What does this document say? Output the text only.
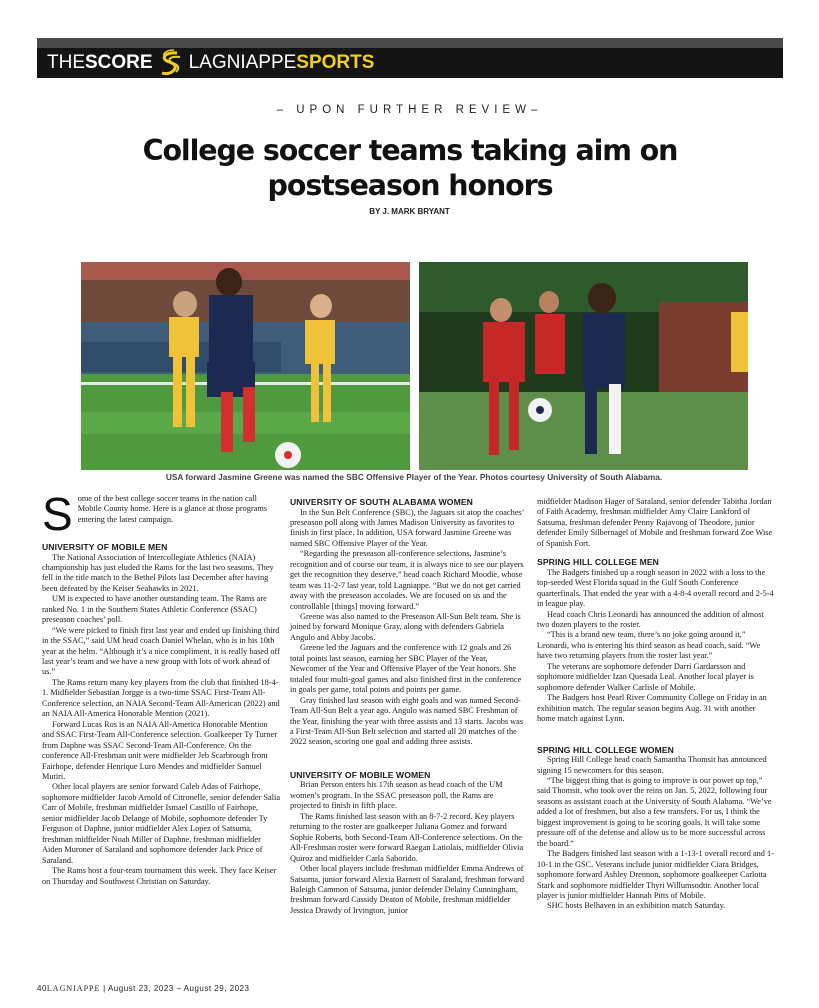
THE SCORE LAGNIAPPE SPORTS
– UPON FURTHER REVIEW–
College soccer teams taking aim on postseason honors
BY J. MARK BRYANT
USA forward Jasmine Greene was named the SBC Offensive Player of the Year. Photos courtesy University of South Alabama.

Some of the best college soccer teams in the nation call Mobile County home. Here is a glance at those programs entering the latest campaign.

UNIVERSITY OF MOBILE MEN

The National Association of Intercollegiate Athletics (NAIA) championship has just eluded the Rams for the last two seasons. They fell in the title match to the Bethel Pilots last December after having been defeated by the Keiser Seahawks in 2021.

UM is expected to have another outstanding team. The Rams are ranked No. 1 in the Southern States Athletic Conference (SSAC) preseason coaches’ poll.

“We were picked to finish first last year and ended up finishing third in the SSAC,” said UM head coach Daniel Whelan, who is in his 10th year at the helm. “Although it’s a nice compliment, it is really based off last year’s team and we have a new group with lots of work ahead of us.”

The Rams return many key players from the club that finished 18-4-1. Midfielder Sebastian Jorgge is a two-time SSAC First-Team All-Conference selection, an NAIA Second-Team All-American (2022) and an NAIA All-America Honorable Mention (2021).

Forward Lucas Ros is an NAIA All-America Honorable Mention and SSAC First-Team All-Conference selection. Goalkeeper Ty Turner from Daphne was SSAC Second-Team All-Conference. On the conference All-Freshman unit were midfielder Jeb Scarbrough from Fairhope, defender Henrique Luro Mendes and midfielder Samuel Mutiri.

Other local players are senior forward Caleb Adas of Fairhope, sophomore midfielder Jacob Arnold of Citronelle, senior defender Salia Carr of Mobile, freshman midfielder Ismael Castillo of Fairhope, senior midfielder Jacob Delange of Mobile, sophomore defender Ty Ferguson of Daphne, junior midfielder Alex Lopez of Satsuma, freshman midfielder Noah Miller of Daphne, freshman midfielder Aiden Muroner of Saraland and sophomore defender Jack Price of Saraland.

The Rams host a four-team tournament this week. They face Keiser on Thursday and Southwest Christian on Saturday.

UNIVERSITY OF SOUTH ALABAMA WOMEN

In the Sun Belt Conference (SBC), the Jaguars sit atop the coaches’ preseason poll along with James Madison University as favorites to finish in first place. In addition, USA forward Jasmine Greene was named SBC Offensive Player of the Year.

“Regarding the preseason all-conference selections, Jasmine’s recognition and of course our team, it is always nice to see our players get the recognition they deserve,” head coach Richard Moodie, whose team was 11-2-7 last year, told Lagniappe. “But we do not get carried away with the preseason accolades. We are focused on us and the controllable [things] moving forward.”

Greene was also named to the Preseason All-Sun Belt team. She is joined by forward Monique Gray, along with defenders Gabriela Angulo and Abby Jacobs.

Greene led the Jaguars and the conference with 12 goals and 26 total points last season, earning her SBC Player of the Year, Newcomer of the Year and Offensive Player of the Year honors. She totaled four multi-goal games and also finished first in the conference in goals per game, total points and points per game.

Gray finished last season with eight goals and was named Second-Team All-Sun Belt a year ago. Angulo was named SBC Freshman of the Year, finishing the year with three assists and 13 starts. Jacobs was a First-Team All-Sun Belt selection and started all 20 matches of the 2022 season, scoring one goal and adding three assists.

UNIVERSITY OF MOBILE WOMEN

Brian Person enters his 17th season as head coach of the UM women’s program. In the SSAC preseason poll, the Rams are projected to finish in fifth place.

The Rams finished last season with an 8-7-2 record. Key players returning to the roster are goalkeeper Juliana Gomez and forward Sophie Roberts, both Second-Team All-Conference selections. On the All-Freshman roster were forward Raegan Latiolais, midfielder Olivia Quiroz and midfielder Carla Saborido.

Other local players include freshman midfielder Emma Andrews of Satsuma, junior forward Alexia Barnett of Saraland, freshman forward Baleigh Cammon of Satsuma, junior defender Delainy Cunningham, freshman forward Cassidy Deaton of Mobile, freshman midfielder Jessica Drawdy of Irvington, junior

midfielder Madison Hager of Saraland, senior defender Tabitha Jordan of Faith Academy, freshman midfielder Amy Claire Lankford of Satsuma, freshman defender Penny Rajavong of Theodore, junior defender Emily Silbernagel of Mobile and freshman forward Zoe Wise of Spanish Fort.

SPRING HILL COLLEGE MEN

The Badgers finished up a rough season in 2022 with a loss to the top-seeded West Florida squad in the Gulf South Conference quarterfinals. That ended the year with a 4-8-4 overall record and 2-5-4 in league play.

Head coach Chris Leonardi has announced the addition of almost two dozen players to the roster.

“This is a brand new team, there’s no joke going around it,” Leonardi, who is entering his third season as head coach, said. “We have two returning players from the roster last year.”

The veterans are sophomore defender Darri Gardarsson and sophomore midfielder Izan Quesada Leal. Another local player is sophomore defender Walker Carlisle of Mobile.

The Badgers host Pearl River Community College on Friday in an exhibition match. The regular season begins Aug. 31 with another home match against Lynn.

SPRING HILL COLLEGE WOMEN

Spring Hill College head coach Samantha Thomsit has announced signing 15 newcomers for this season.

“The biggest thing that is going to improve is our power up top,” said Thomsit, who took over the reins on Jan. 5, 2022, following four seasons as assistant coach at the University of South Alabama. “We’ve added a lot of freshmen, but also a few transfers. For us, I think the biggest improvement is going to be scoring goals. It will take some pressure off of the defense and allow us to be more successful across the board.”

The Badgers finished last season with a 1-13-1 overall record and 1-10-1 in the GSC. Veterans include junior midfielder Ciara Bridges, sophomore forward Ashley Drennon, sophomore goalkeeper Carlotta Stark and sophomore midfielder Thyri Willumsodtir. Another local player is junior midfielder Hannah Pitts of Mobile.

SHC hosts Belhaven in an exhibition match Saturday.

40LAGNIAPPE | August 23, 2023 – August 29, 2023
